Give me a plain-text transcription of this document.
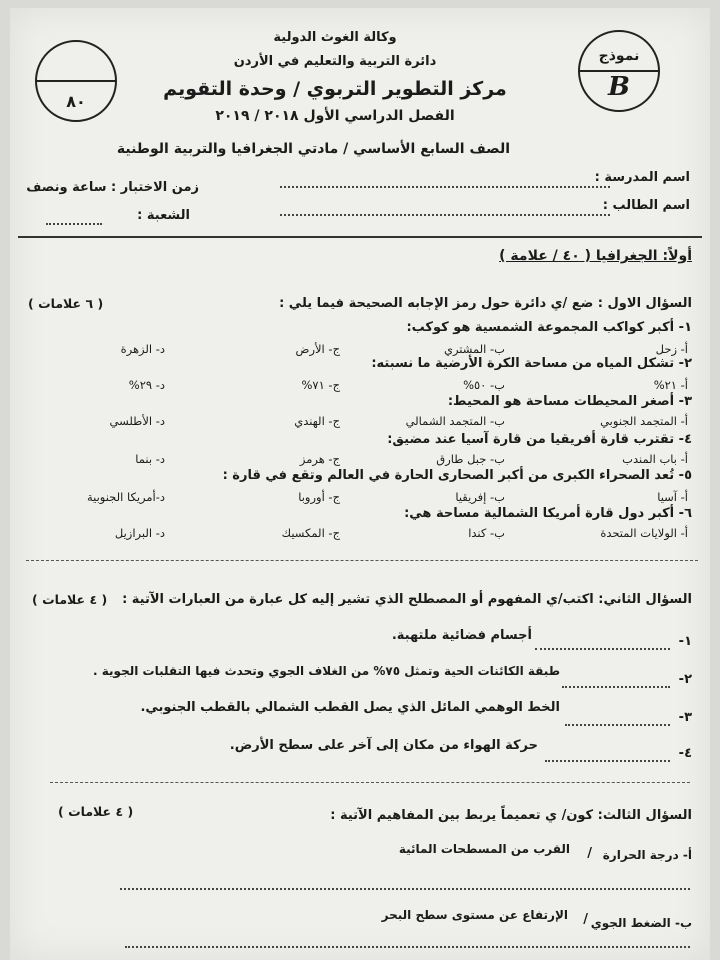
٨٠
نموذج
B
وكالة الغوث الدولية
دائرة التربية والتعليم في الأردن
مركز التطوير التربوي / وحدة التقويم
الفصل الدراسي الأول ٢٠١٨ / ٢٠١٩
الصف السابع الأساسي / مادتي الجغرافيا والتربية الوطنية
اسم المدرسة :
اسم الطالب :
زمن الاختبار : ساعة ونصف
الشعبة :
أولاً: الجغرافيا ( ٤٠ / علامة )
السؤال الاول : ضع /ي دائرة حول رمز الإجابه الصحيحة فيما يلي :
( ٦ علامات )
١- أكبر كواكب المجموعة الشمسية هو كوكب:
أ- زحل
ب- المشتري
ج- الأرض
د- الزهرة
٢- تشكل المياه من مساحة الكرة الأرضية ما نسبته:
أ- ٢١%
ب- ٥٠%
ج- ٧١%
د- ٢٩%
٣- أصغر المحيطات مساحة هو المحيط:
أ- المتجمد الجنوبي
ب- المتجمد الشمالي
ج- الهندي
د- الأطلسي
٤- تقترب قارة أفريقيا من قارة آسيا عند مضيق:
أ- باب المندب
ب- جبل طارق
ج- هرمز
د- بنما
٥- تُعد الصحراء الكبرى من أكبر الصحارى الحارة في العالم وتقع في قارة :
أ- آسيا
ب- إفريقيا
ج- أوروبا
د-أمريكا الجنوبية
٦- أكبر دول قارة أمريكا الشمالية مساحة هي:
أ- الولايات المتحدة
ب- كندا
ج- المكسيك
د- البرازيل
السؤال الثاني: اكتب/ي المفهوم أو المصطلح الذي تشير إليه كل عبارة من العبارات الآتية :
( ٤ علامات )
١-
أجسام فضائية ملتهبة.
٢-
طبقة الكائنات الحية وتمثل ٧٥% من الغلاف الجوي وتحدث فيها التقلبات الجوية .
٣-
الخط الوهمي المائل الذي يصل القطب الشمالي بالقطب الجنوبي.
٤-
حركة الهواء من مكان إلى آخر على سطح الأرض.
السؤال الثالث: كون/ ي تعميماً يربط بين المفاهيم الآتية :
( ٤ علامات )
أ- درجة الحرارة
/
القرب من المسطحات المائية
ب- الضغط الجوي
/
الإرتفاع عن مستوى سطح البحر
